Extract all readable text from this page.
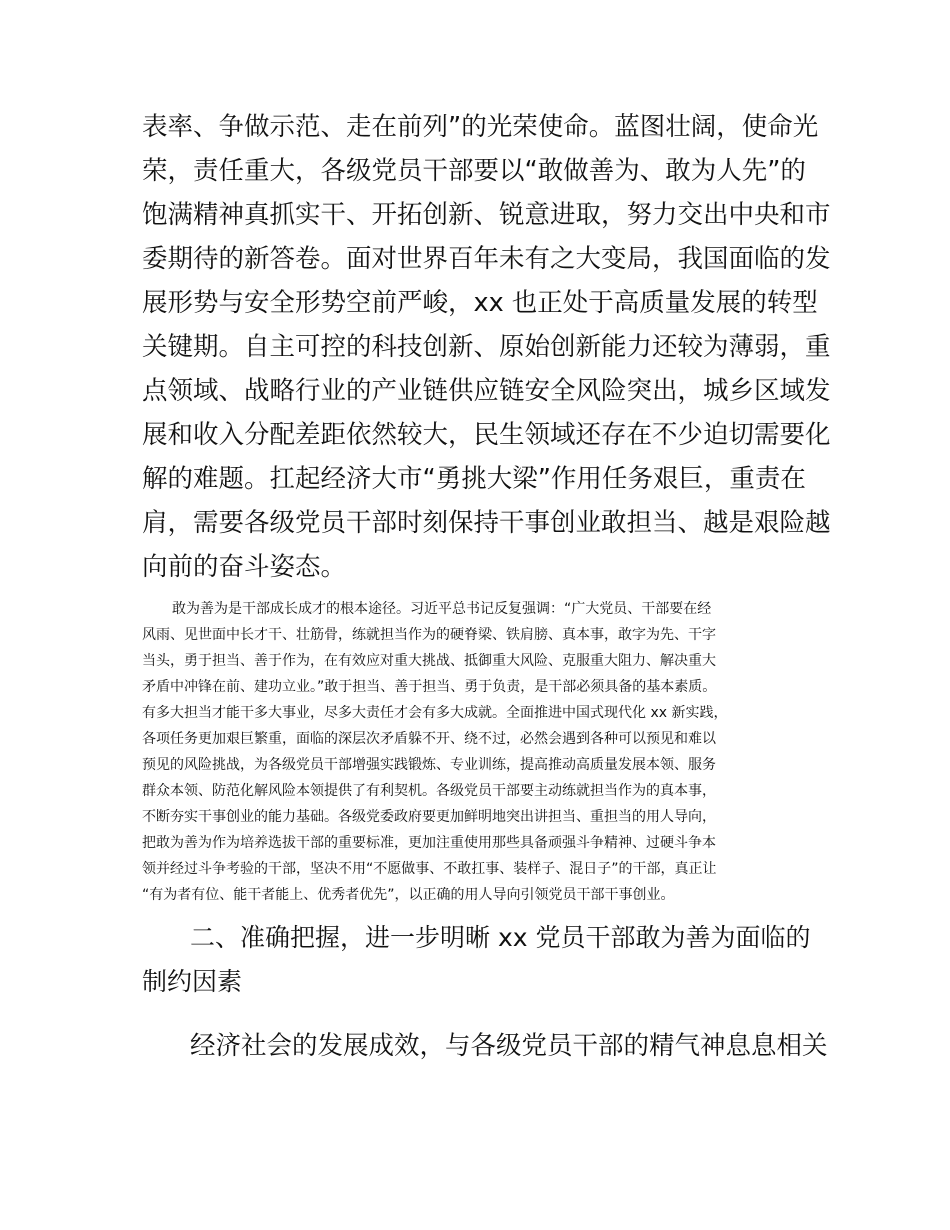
表率、争做示范、走在前列”的光荣使命。蓝图壮阔，使命光
荣，责任重大，各级党员干部要以“敢做善为、敢为人先”的
饱满精神真抓实干、开拓创新、锐意进取，努力交出中央和市
委期待的新答卷。面对世界百年未有之大变局，我国面临的发
展形势与安全形势空前严峻，xx 也正处于高质量发展的转型
关键期。自主可控的科技创新、原始创新能力还较为薄弱，重
点领域、战略行业的产业链供应链安全风险突出，城乡区域发
展和收入分配差距依然较大，民生领域还存在不少迫切需要化
解的难题。扛起经济大市“勇挑大梁”作用任务艰巨，重责在
肩，需要各级党员干部时刻保持干事创业敢担当、越是艰险越
向前的奋斗姿态。
敢为善为是干部成长成才的根本途径。习近平总书记反复强调：“广大党员、干部要在经
风雨、见世面中长才干、壮筋骨，练就担当作为的硬脊梁、铁肩膀、真本事，敢字为先、干字
当头，勇于担当、善于作为，在有效应对重大挑战、抵御重大风险、克服重大阻力、解决重大
矛盾中冲锋在前、建功立业。”敢于担当、善于担当、勇于负责，是干部必须具备的基本素质。
有多大担当才能干多大事业，尽多大责任才会有多大成就。全面推进中国式现代化 xx 新实践，
各项任务更加艰巨繁重，面临的深层次矛盾躲不开、绕不过，必然会遇到各种可以预见和难以
预见的风险挑战，为各级党员干部增强实践锻炼、专业训练，提高推动高质量发展本领、服务
群众本领、防范化解风险本领提供了有利契机。各级党员干部要主动练就担当作为的真本事，
不断夯实干事创业的能力基础。各级党委政府要更加鲜明地突出讲担当、重担当的用人导向，
把敢为善为作为培养选拔干部的重要标准，更加注重使用那些具备顽强斗争精神、过硬斗争本
领并经过斗争考验的干部，坚决不用“不愿做事、不敢扛事、装样子、混日子”的干部，真正让
“有为者有位、能干者能上、优秀者优先”，以正确的用人导向引领党员干部干事创业。
二、准确把握，进一步明晰 xx 党员干部敢为善为面临的
制约因素
经济社会的发展成效，与各级党员干部的精气神息息相关
